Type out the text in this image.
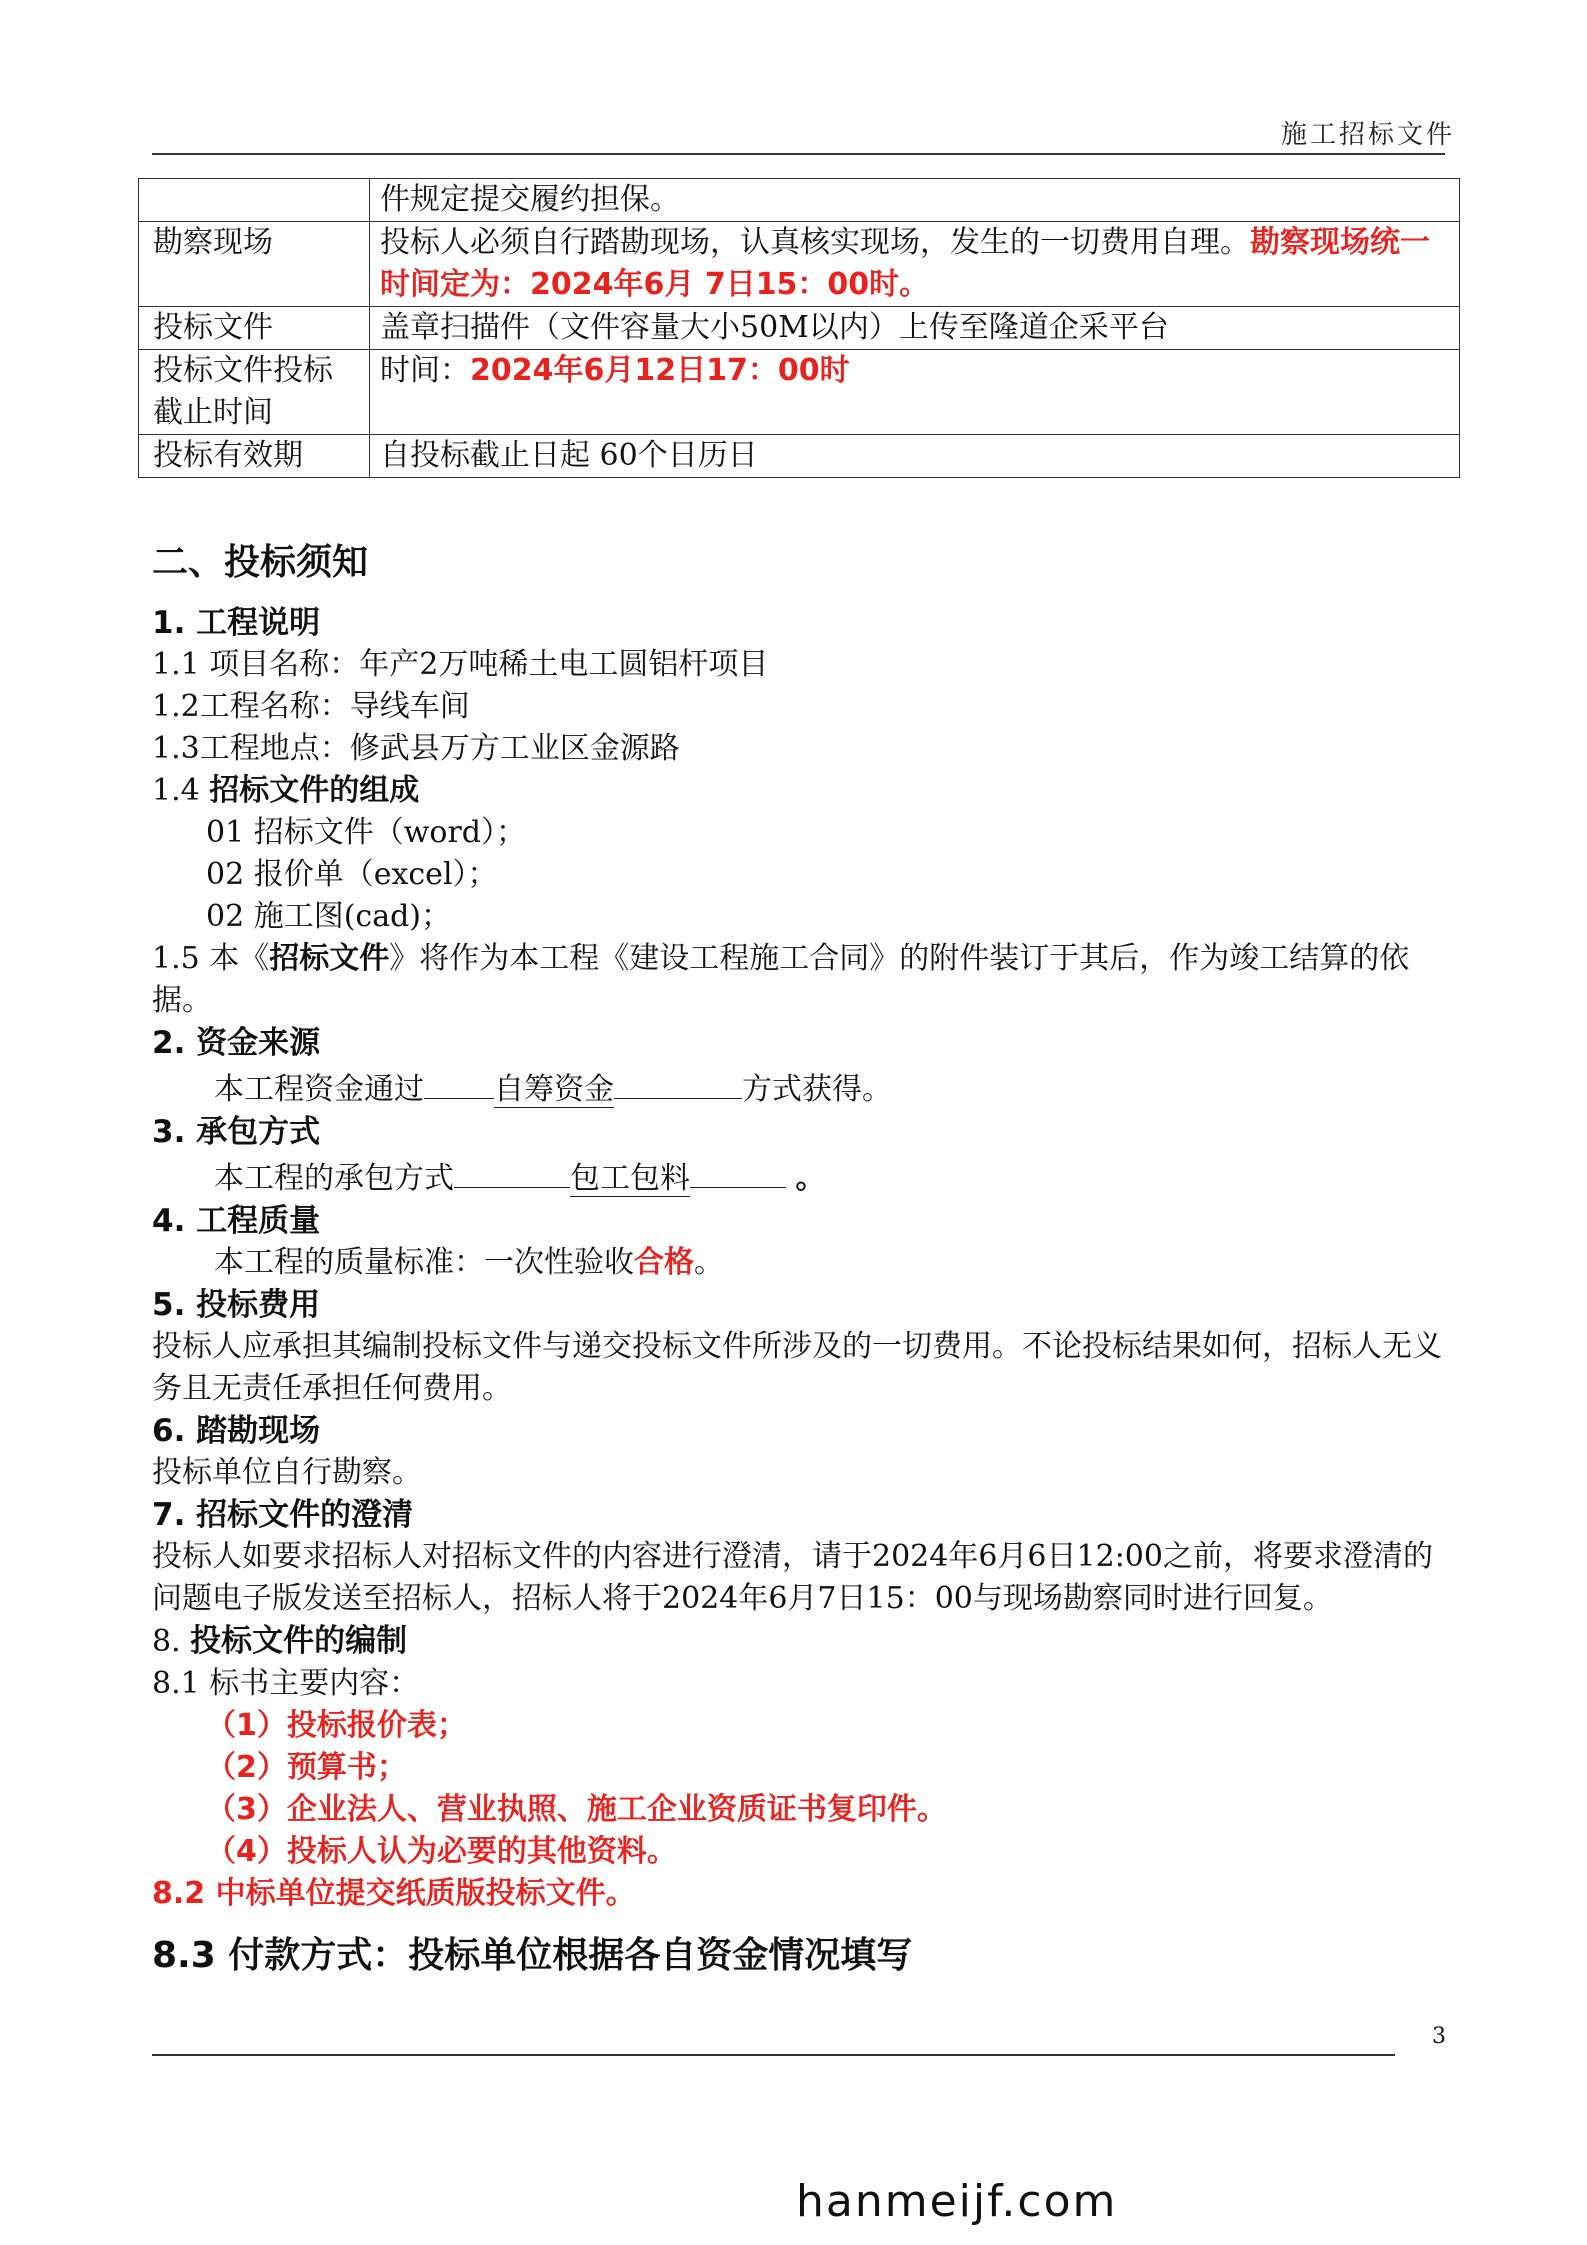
施工招标文件
	件规定提交履约担保。
勘察现场	投标人必须自行踏勘现场，认真核实现场，发生的一切费用自理。勘察现场统一时间定为：2024年6月 7日15：00时。
投标文件	盖章扫描件（文件容量大小50M以内）上传至隆道企采平台
投标文件投标截止时间	时间：2024年6月12日17：00时
投标有效期	自投标截止日起 60个日历日

二、投标须知

1. 工程说明

1.1 项目名称：年产2万吨稀土电工圆铝杆项目

1.2工程名称：导线车间

1.3工程地点：修武县万方工业区金源路

1.4 招标文件的组成

01 招标文件（word）；

02 报价单（excel）；

02 施工图(cad)；

1.5 本《招标文件》将作为本工程《建设工程施工合同》的附件装订于其后，作为竣工结算的依据。

2. 资金来源

本工程资金通过 自筹资金	方式获得。

3. 承包方式

本工程的承包方式	包工包料	。

4. 工程质量

本工程的质量标准：一次性验收合格。

5. 投标费用

投标人应承担其编制投标文件与递交投标文件所涉及的一切费用。不论投标结果如何，招标人无义务且无责任承担任何费用。

6. 踏勘现场

投标单位自行勘察。

7. 招标文件的澄清

投标人如要求招标人对招标文件的内容进行澄清，请于2024年6月6日12:00之前，将要求澄清的问题电子版发送至招标人，招标人将于2024年6月7日15：00与现场勘察同时进行回复。

8. 投标文件的编制

8.1 标书主要内容：

（1）投标报价表；

（2）预算书；

（3）企业法人、营业执照、施工企业资质证书复印件。

（4）投标人认为必要的其他资料。

8.2 中标单位提交纸质版投标文件。

8.3 付款方式：投标单位根据各自资金情况填写

3
hanmeijf.com
